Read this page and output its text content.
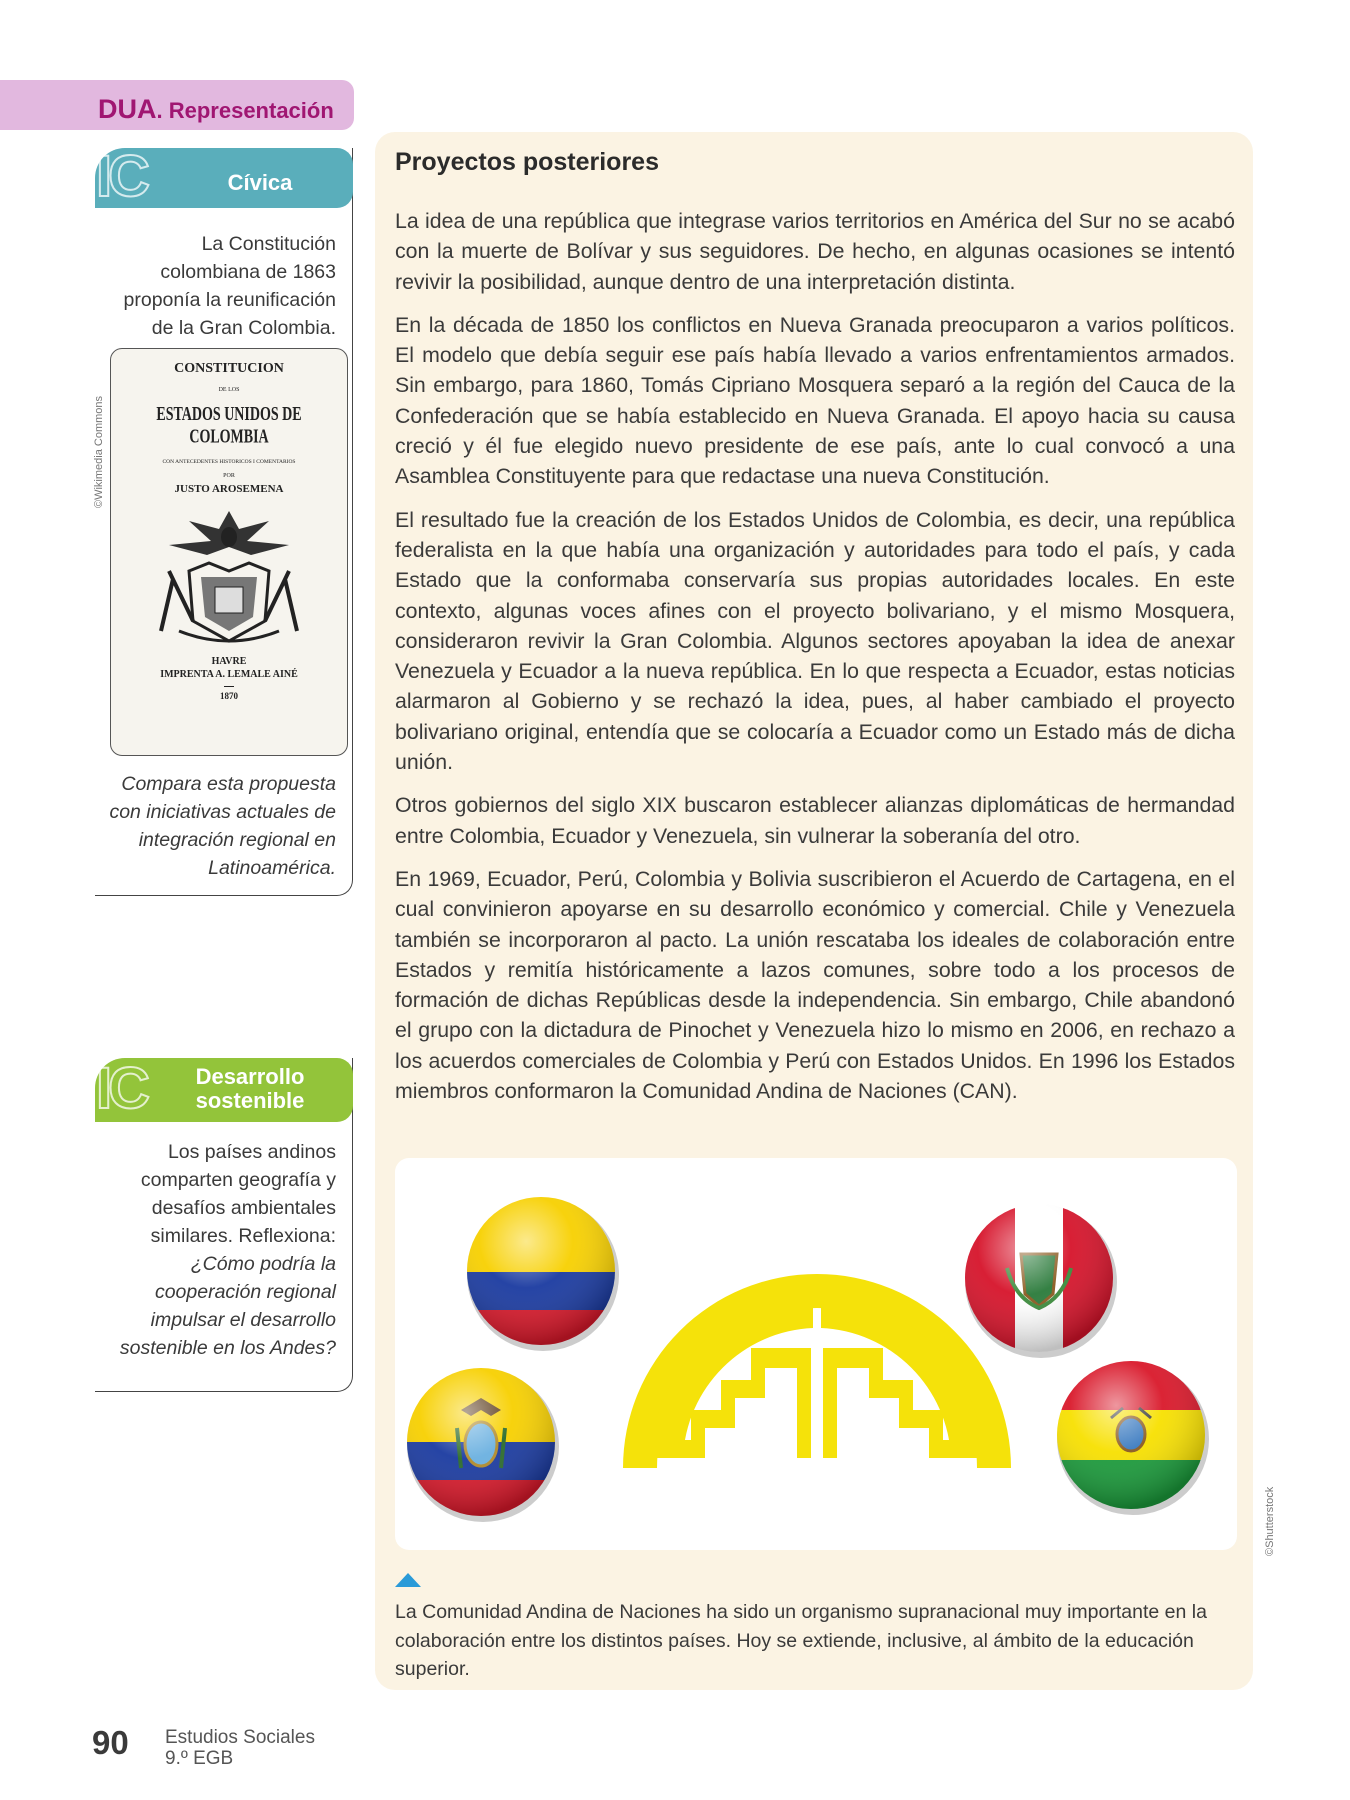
DUA. Representación
IC	Cívica
La Constitución colombiana de 1863 proponía la reunificación de la Gran Colombia.
©Wikimedia Commons
CONSTITUCION
DE LOS
ESTADOS UNIDOS DE COLOMBIA
CON ANTECEDENTES HISTORICOS I COMENTARIOS
POR
JUSTO AROSEMENA
HAVRE
IMPRENTA A. LEMALE AINÉ
1870
Compara esta propuesta con iniciativas actuales de integración regional en Latinoamérica.
IC	Desarrollo
sostenible
Los países andinos comparten geografía y desafíos ambientales similares. Reflexiona:
¿Cómo podría la cooperación regional impulsar el desarrollo sostenible en los Andes?
Proyectos posteriores

La idea de una república que integrase varios territorios en América del Sur no se acabó con la muerte de Bolívar y sus seguidores. De hecho, en algunas ocasiones se intentó revivir la posibilidad, aunque dentro de una interpretación distinta.

En la década de 1850 los conflictos en Nueva Granada preocuparon a varios políticos. El modelo que debía seguir ese país había llevado a varios enfrentamientos armados. Sin embargo, para 1860, Tomás Cipriano Mosquera separó a la región del Cauca de la Confederación que se había establecido en Nueva Granada. El apoyo hacia su causa creció y él fue elegido nuevo presidente de ese país, ante lo cual convocó a una Asamblea Constituyente para que redactase una nueva Constitución.

El resultado fue la creación de los Estados Unidos de Colombia, es decir, una república federalista en la que había una organización y autoridades para todo el país, y cada Estado que la conformaba conservaría sus propias autoridades locales. En este contexto, algunas voces afines con el proyecto bolivariano, y el mismo Mosquera, consideraron revivir la Gran Colombia. Algunos sectores apoyaban la idea de anexar Venezuela y Ecuador a la nueva república. En lo que respecta a Ecuador, estas noticias alarmaron al Gobierno y se rechazó la idea, pues, al haber cambiado el proyecto bolivariano original, entendía que se colocaría a Ecuador como un Estado más de dicha unión.

Otros gobiernos del siglo XIX buscaron establecer alianzas diplomáticas de hermandad entre Colombia, Ecuador y Venezuela, sin vulnerar la soberanía del otro.

En 1969, Ecuador, Perú, Colombia y Bolivia suscribieron el Acuerdo de Cartagena, en el cual convinieron apoyarse en su desarrollo económico y comercial. Chile y Venezuela también se incorporaron al pacto. La unión rescataba los ideales de colaboración entre Estados y remitía históricamente a lazos comunes, sobre todo a los procesos de formación de dichas Repúblicas desde la independencia. Sin embargo, Chile abandonó el grupo con la dictadura de Pinochet y Venezuela hizo lo mismo en 2006, en rechazo a los acuerdos comerciales de Colombia y Perú con Estados Unidos. En 1996 los Estados miembros conformaron la Comunidad Andina de Naciones (CAN).

©Shutterstock
La Comunidad Andina de Naciones ha sido un organismo supranacional muy importante en la colaboración entre los distintos países. Hoy se extiende, inclusive, al ámbito de la educación superior.
90 Estudios Sociales
9.º EGB
